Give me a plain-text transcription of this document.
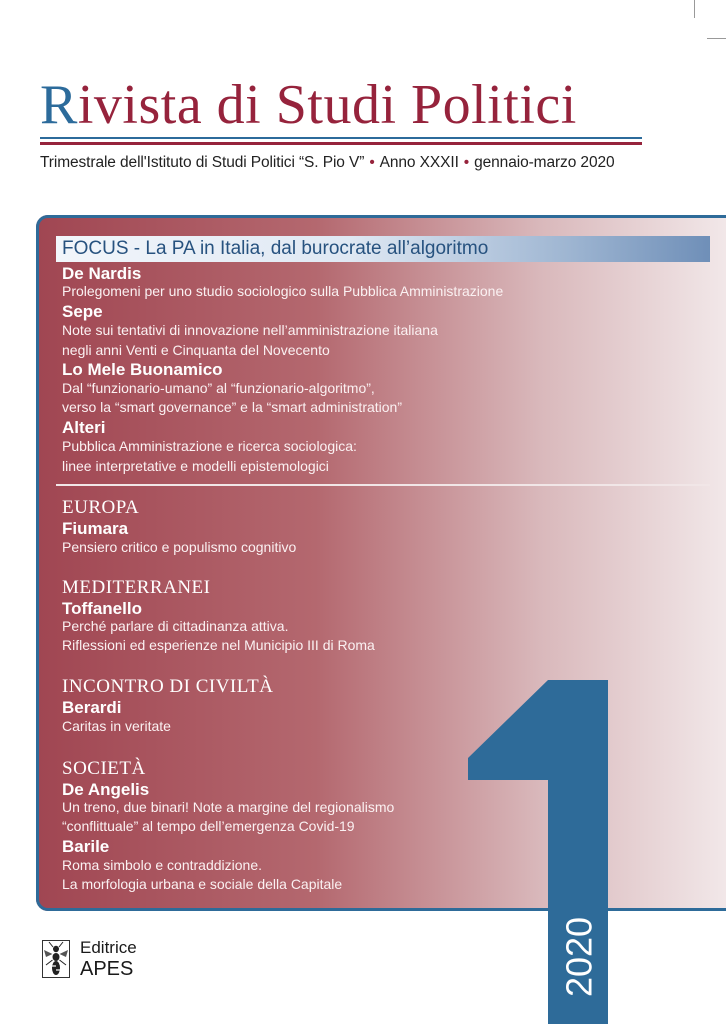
Rivista di Studi Politici
Trimestrale dell'Istituto di Studi Politici “S. Pio V” • Anno XXXII • gennaio-marzo 2020
FOCUS - La PA in Italia, dal burocrate all’algoritmo
De Nardis
Prolegomeni per uno studio sociologico sulla Pubblica Amministrazione
Sepe
Note sui tentativi di innovazione nell’amministrazione italiana
negli anni Venti e Cinquanta del Novecento
Lo Mele Buonamico
Dal “funzionario-umano” al “funzionario-algoritmo”,
verso la “smart governance” e la “smart administration”
Alteri
Pubblica Amministrazione e ricerca sociologica:
linee interpretative e modelli epistemologici
EUROPA
Fiumara
Pensiero critico e populismo cognitivo
MEDITERRANEI
Toffanello
Perché parlare di cittadinanza attiva.
Riflessioni ed esperienze nel Municipio III di Roma
INCONTRO DI CIVILTÀ
Berardi
Caritas in veritate
SOCIETÀ
De Angelis
Un treno, due binari! Note a margine del regionalismo
“conflittuale” al tempo dell’emergenza Covid-19
Barile
Roma simbolo e contraddizione.
La morfologia urbana e sociale della Capitale
2020
Editrice
APES
